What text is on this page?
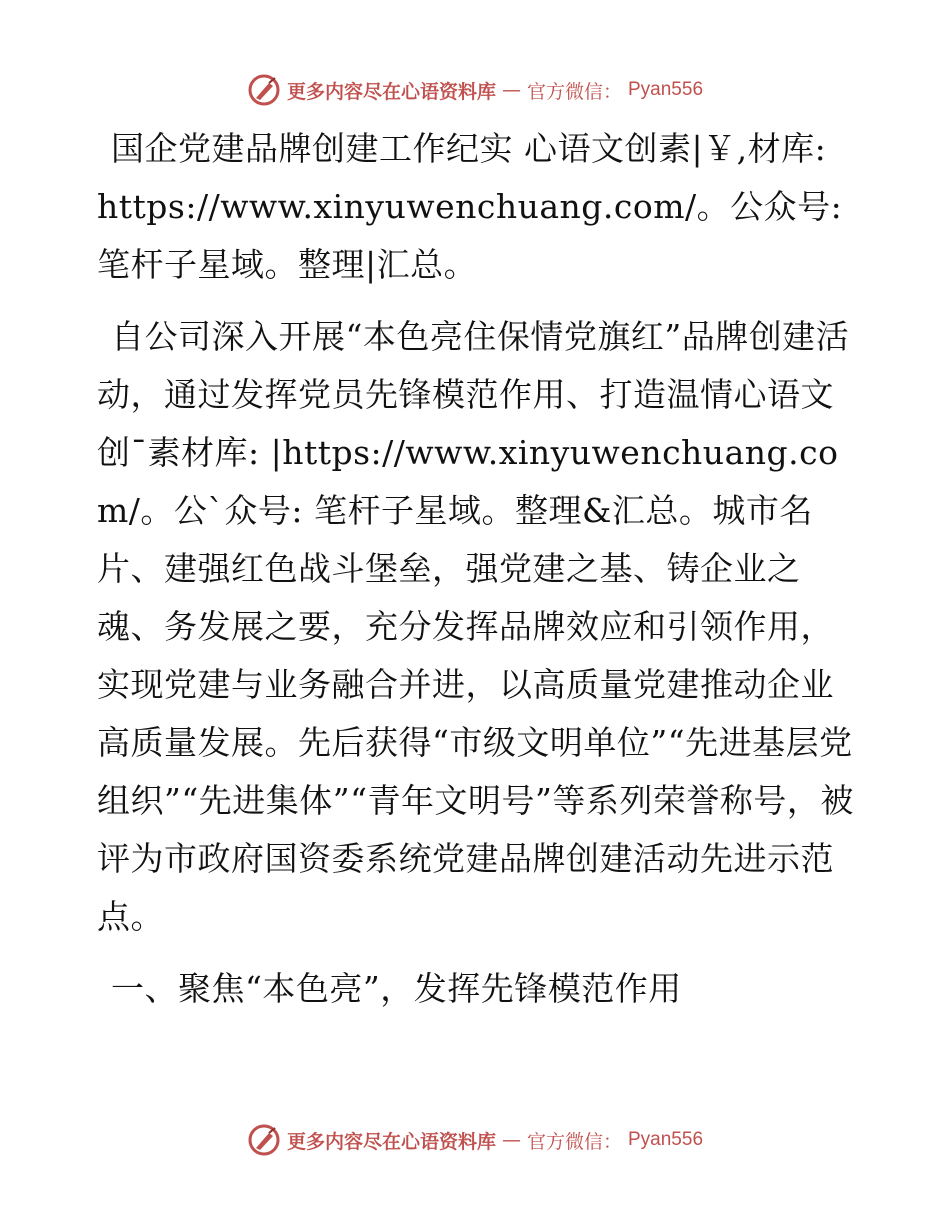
更多内容尽在心语资料库 — 官方微信： Pyan556

国企党建品牌创建工作纪实 心语文创素|￥,材库: https://www.xinyuwenchuang.com/。公众号: 笔杆子星域。整理|汇总。

自公司深入开展“本色亮住保情党旗红”品牌创建活动，通过发挥党员先锋模范作用、打造温情心语文创¯素材库: |https://www.xinyuwenchuang.com/。公`众号: 笔杆子星域。整理&汇总。城市名片、建强红色战斗堡垒，强党建之基、铸企业之魂、务发展之要，充分发挥品牌效应和引领作用，实现党建与业务融合并进，以高质量党建推动企业高质量发展。先后获得“市级文明单位”“先进基层党组织”“先进集体”“青年文明号”等系列荣誉称号，被评为市政府国资委系统党建品牌创建活动先进示范点。

一、聚焦“本色亮”，发挥先锋模范作用

更多内容尽在心语资料库 — 官方微信： Pyan556
